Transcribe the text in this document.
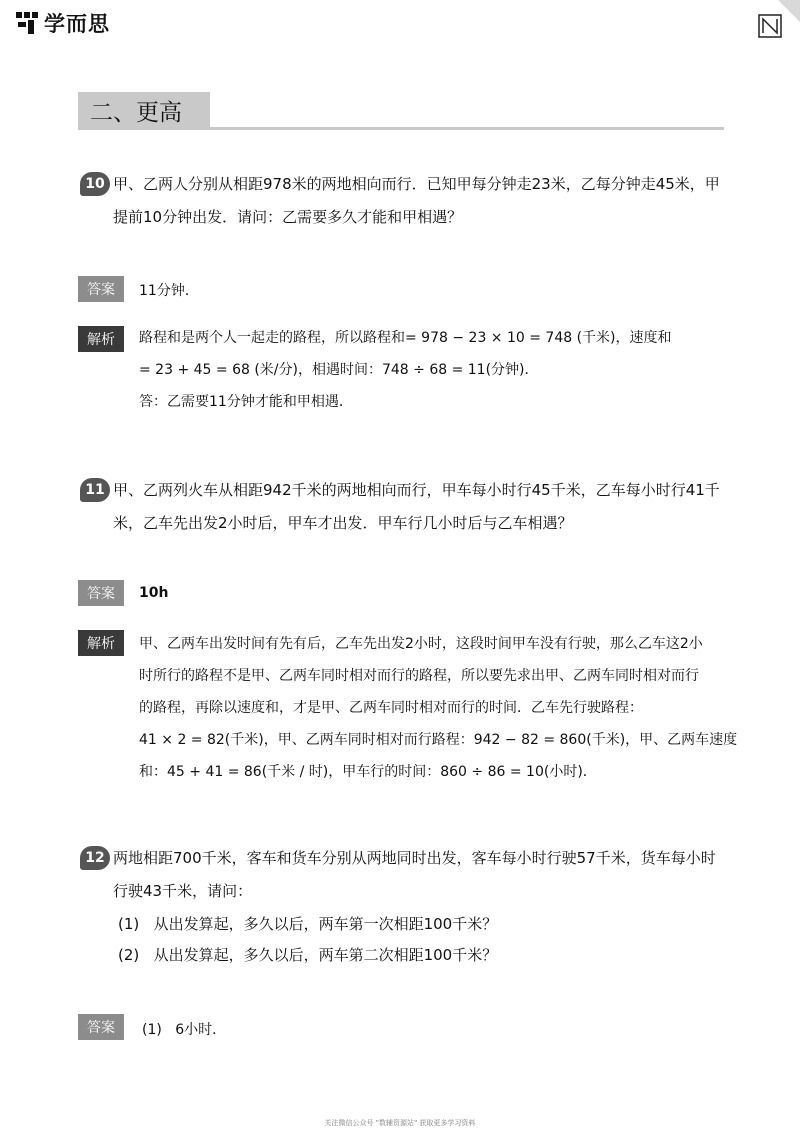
学而思
二、更高
10 甲、乙两人分别从相距978米的两地相向而行．已知甲每分钟走23米，乙每分钟走45米，甲
提前10分钟出发．请问：乙需要多久才能和甲相遇？
答案	11分钟．
解析	路程和是两个人一起走的路程，所以路程和= 978 − 23 × 10 = 748 (千米)，速度和
= 23 + 45 = 68 (米/分)，相遇时间：748 ÷ 68 = 11(分钟)．
答：乙需要11分钟才能和甲相遇．
11 甲、乙两列火车从相距942千米的两地相向而行，甲车每小时行45千米，乙车每小时行41千
米，乙车先出发2小时后，甲车才出发．甲车行几小时后与乙车相遇？
答案	10h
解析	甲、乙两车出发时间有先有后，乙车先出发2小时，这段时间甲车没有行驶，那么乙车这2小
时所行的路程不是甲、乙两车同时相对而行的路程，所以要先求出甲、乙两车同时相对而行
的路程，再除以速度和，才是甲、乙两车同时相对而行的时间．乙车先行驶路程：
41 × 2 = 82(千米)，甲、乙两车同时相对而行路程：942 − 82 = 860(千米)，甲、乙两车速度
和：45 + 41 = 86(千米 / 时)，甲车行的时间：860 ÷ 86 = 10(小时)．
12 两地相距700千米，客车和货车分别从两地同时出发，客车每小时行驶57千米，货车每小时
行驶43千米，请问：
(1) 从出发算起，多久以后，两车第一次相距100千米？
(2) 从出发算起，多久以后，两车第二次相距100千米？
答案	(1) 6小时．
关注微信公众号 "数辅资源站" 获取更多学习资料
